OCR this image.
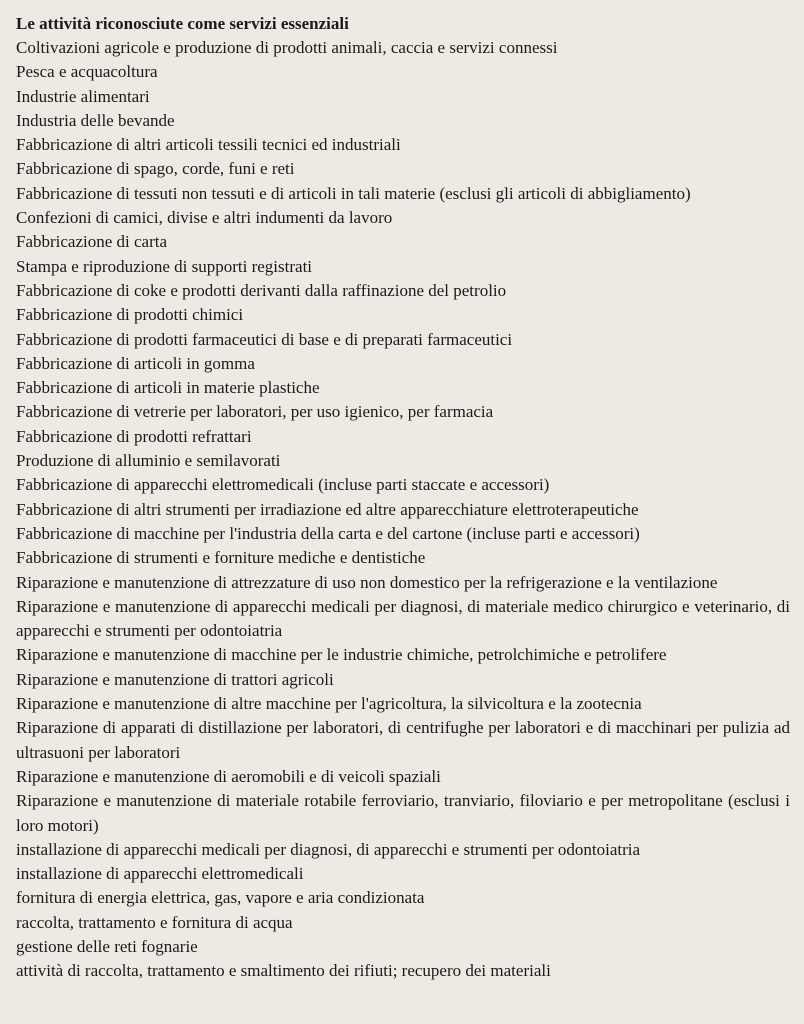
Le attività riconosciute come servizi essenziali
Coltivazioni agricole e produzione di prodotti animali, caccia e servizi connessi
Pesca e acquacoltura
Industrie alimentari
Industria delle bevande
Fabbricazione di altri articoli tessili tecnici ed industriali
Fabbricazione di spago, corde, funi e reti
Fabbricazione di tessuti non tessuti e di articoli in tali materie (esclusi gli articoli di abbigliamento)
Confezioni di camici, divise e altri indumenti da lavoro
Fabbricazione di carta
Stampa e riproduzione di supporti registrati
Fabbricazione di coke e prodotti derivanti dalla raffinazione del petrolio
Fabbricazione di prodotti chimici
Fabbricazione di prodotti farmaceutici di base e di preparati farmaceutici
Fabbricazione di articoli in gomma
Fabbricazione di articoli in materie plastiche
Fabbricazione di vetrerie per laboratori, per uso igienico, per farmacia
Fabbricazione di prodotti refrattari
Produzione di alluminio e semilavorati
Fabbricazione di apparecchi elettromedicali (incluse parti staccate e accessori)
Fabbricazione di altri strumenti per irradiazione ed altre apparecchiature elettroterapeutiche
Fabbricazione di macchine per l'industria della carta e del cartone (incluse parti e accessori)
Fabbricazione di strumenti e forniture mediche e dentistiche
Riparazione e manutenzione di attrezzature di uso non domestico per la refrigerazione e la ventilazione
Riparazione e manutenzione di apparecchi medicali per diagnosi, di materiale medico chirurgico e veterinario, di apparecchi e strumenti per odontoiatria
Riparazione e manutenzione di macchine per le industrie chimiche, petrolchimiche e petrolifere
Riparazione e manutenzione di trattori agricoli
Riparazione e manutenzione di altre macchine per l'agricoltura, la silvicoltura e la zootecnia
Riparazione di apparati di distillazione per laboratori, di centrifughe per laboratori e di macchinari per pulizia ad ultrasuoni per laboratori
Riparazione e manutenzione di aeromobili e di veicoli spaziali
Riparazione e manutenzione di materiale rotabile ferroviario, tranviario, filoviario e per metropolitane (esclusi i loro motori)
installazione di apparecchi medicali per diagnosi, di apparecchi e strumenti per odontoiatria
installazione di apparecchi elettromedicali
fornitura di energia elettrica, gas, vapore e aria condizionata
raccolta, trattamento e fornitura di acqua
gestione delle reti fognarie
attività di raccolta, trattamento e smaltimento dei rifiuti; recupero dei materiali
